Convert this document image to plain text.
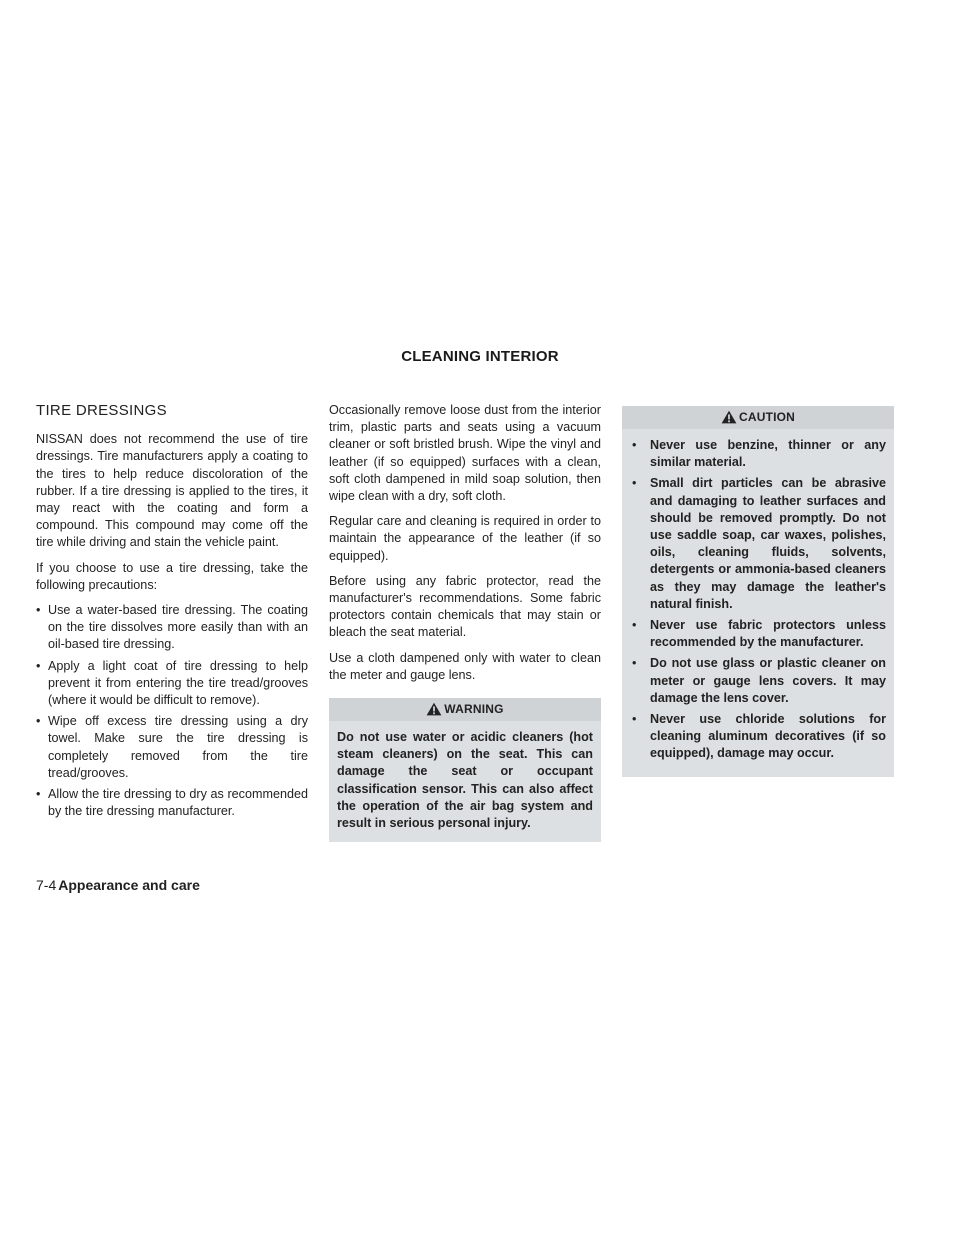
CLEANING INTERIOR
TIRE DRESSINGS

NISSAN does not recommend the use of tire dressings. Tire manufacturers apply a coating to the tires to help reduce discoloration of the rubber. If a tire dressing is applied to the tires, it may react with the coating and form a compound. This compound may come off the tire while driving and stain the vehicle paint.

If you choose to use a tire dressing, take the following precautions:

• Use a water-based tire dressing. The coating on the tire dissolves more easily than with an oil-based tire dressing.
• Apply a light coat of tire dressing to help prevent it from entering the tire tread/grooves (where it would be difficult to remove).
• Wipe off excess tire dressing using a dry towel. Make sure the tire dressing is completely removed from the tire tread/grooves.
• Allow the tire dressing to dry as recommended by the tire dressing manufacturer.

Occasionally remove loose dust from the interior trim, plastic parts and seats using a vacuum cleaner or soft bristled brush. Wipe the vinyl and leather (if so equipped) surfaces with a clean, soft cloth dampened in mild soap solution, then wipe clean with a dry, soft cloth.

Regular care and cleaning is required in order to maintain the appearance of the leather (if so equipped).

Before using any fabric protector, read the manufacturer's recommendations. Some fabric protectors contain chemicals that may stain or bleach the seat material.

Use a cloth dampened only with water to clean the meter and gauge lens.

WARNING

Do not use water or acidic cleaners (hot steam cleaners) on the seat. This can damage the seat or occupant classification sensor. This can also affect the operation of the air bag system and result in serious personal injury.

CAUTION
• Never use benzine, thinner or any similar material.
• Small dirt particles can be abrasive and damaging to leather surfaces and should be removed promptly. Do not use saddle soap, car waxes, polishes, oils, cleaning fluids, solvents, detergents or ammonia-based cleaners as they may damage the leather's natural finish.
• Never use fabric protectors unless recommended by the manufacturer.
• Do not use glass or plastic cleaner on meter or gauge lens covers. It may damage the lens cover.
• Never use chloride solutions for cleaning aluminum decoratives (if so equipped), damage may occur.
7-4 Appearance and care
